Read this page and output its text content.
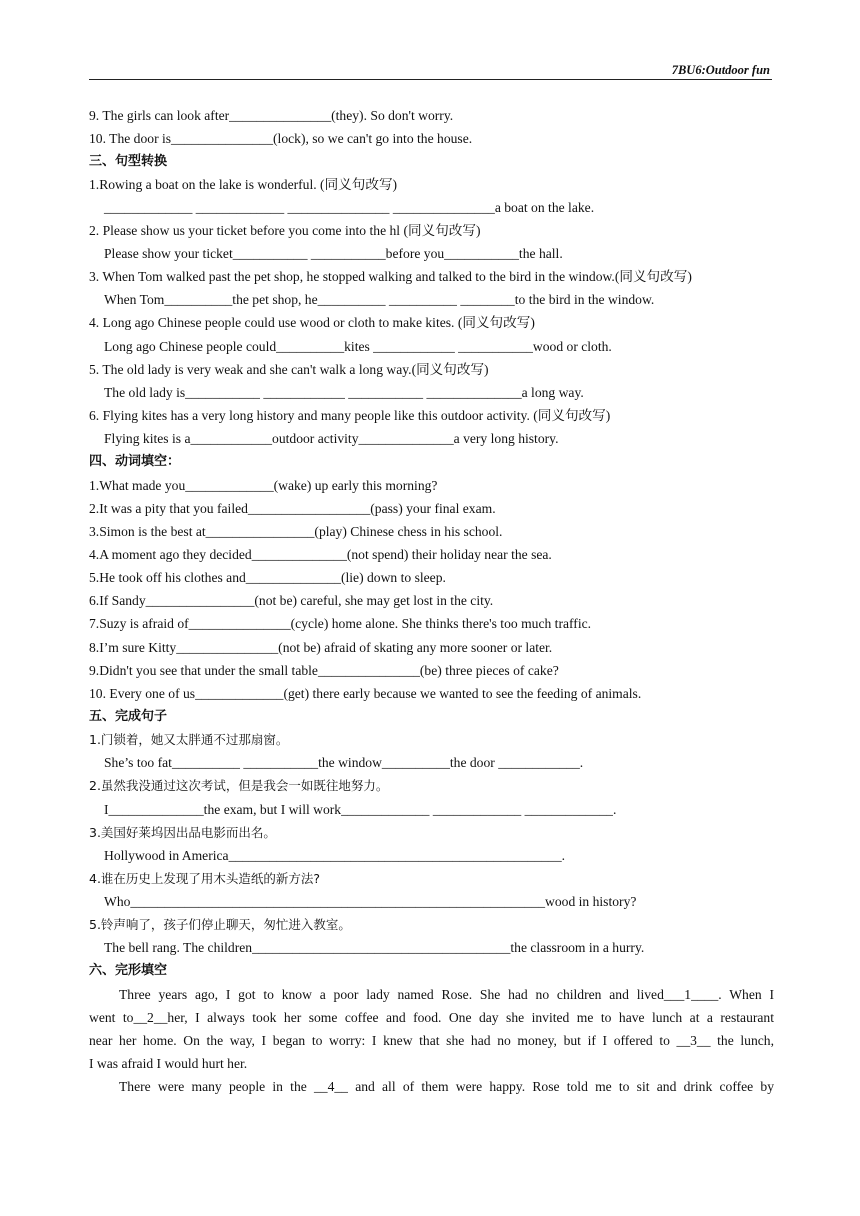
7BU6:Outdoor fun
9. The girls can look after_______________(they). So don't worry.
10. The door is_______________(lock), so we can't go into the house.
三、句型转换
1.Rowing a boat on the lake is wonderful. (同义句改写)
_____________ _____________ _______________ _______________a boat on the lake.
2. Please show us your ticket before you come into the hl (同义句改写)
Please show your ticket___________ ___________before you___________the hall.
3. When Tom walked past the pet shop, he stopped walking and talked to the bird in the window.(同义句改写)
When Tom__________the pet shop, he__________ __________ ________to the bird in the window.
4. Long ago Chinese people could use wood or cloth to make kites. (同义句改写)
Long ago Chinese people could__________kites ____________ ___________wood or cloth.
5. The old lady is very weak and she can't walk a long way.(同义句改写)
The old lady is___________ ____________ ___________ ______________a long way.
6. Flying kites has a very long history and many people like this outdoor activity. (同义句改写)
Flying kites is a____________outdoor activity______________a very long history.
四、动词填空：
1.What made you_____________(wake) up early this morning?
2.It was a pity that you failed__________________(pass) your final exam.
3.Simon is the best at________________(play) Chinese chess in his school.
4.A moment ago they decided______________(not spend) their holiday near the sea.
5.He took off his clothes and______________(lie) down to sleep.
6.If Sandy________________(not be) careful, she may get lost in the city.
7.Suzy is afraid of_______________(cycle) home alone. She thinks there's too much traffic.
8.I’m sure Kitty_______________(not be) afraid of skating any more sooner or later.
9.Didn't you see that under the small table_______________(be) three pieces of cake?
10. Every one of us_____________(get) there early because we wanted to see the feeding of animals.
五、完成句子
1.门锁着，她又太胖通不过那扇窗。
She’s too fat__________ ___________the window__________the door ____________.
2.虽然我没通过这次考试，但是我会一如既往地努力。
I______________the exam, but I will work_____________ _____________ _____________.
3.美国好莱坞因出品电影而出名。
Hollywood in America_________________________________________________.
4.谁在历史上发现了用木头造纸的新方法?
Who_____________________________________________________________wood in history?
5.铃声响了，孩子们停止聊天，匆忙进入教室。
The bell rang. The children______________________________________the classroom in a hurry.
六、完形填空
Three years ago, I got to know a poor lady named Rose. She had no children and lived___1____. When I
went to__2__her, I always took her some coffee and food. One day she invited me to have lunch at a restaurant
near her home. On the way, I began to worry: I knew that she had no money, but if I offered to __3__ the lunch,
I was afraid I would hurt her.
There were many people in the __4__ and all of them were happy. Rose told me to sit and drink coffee by
